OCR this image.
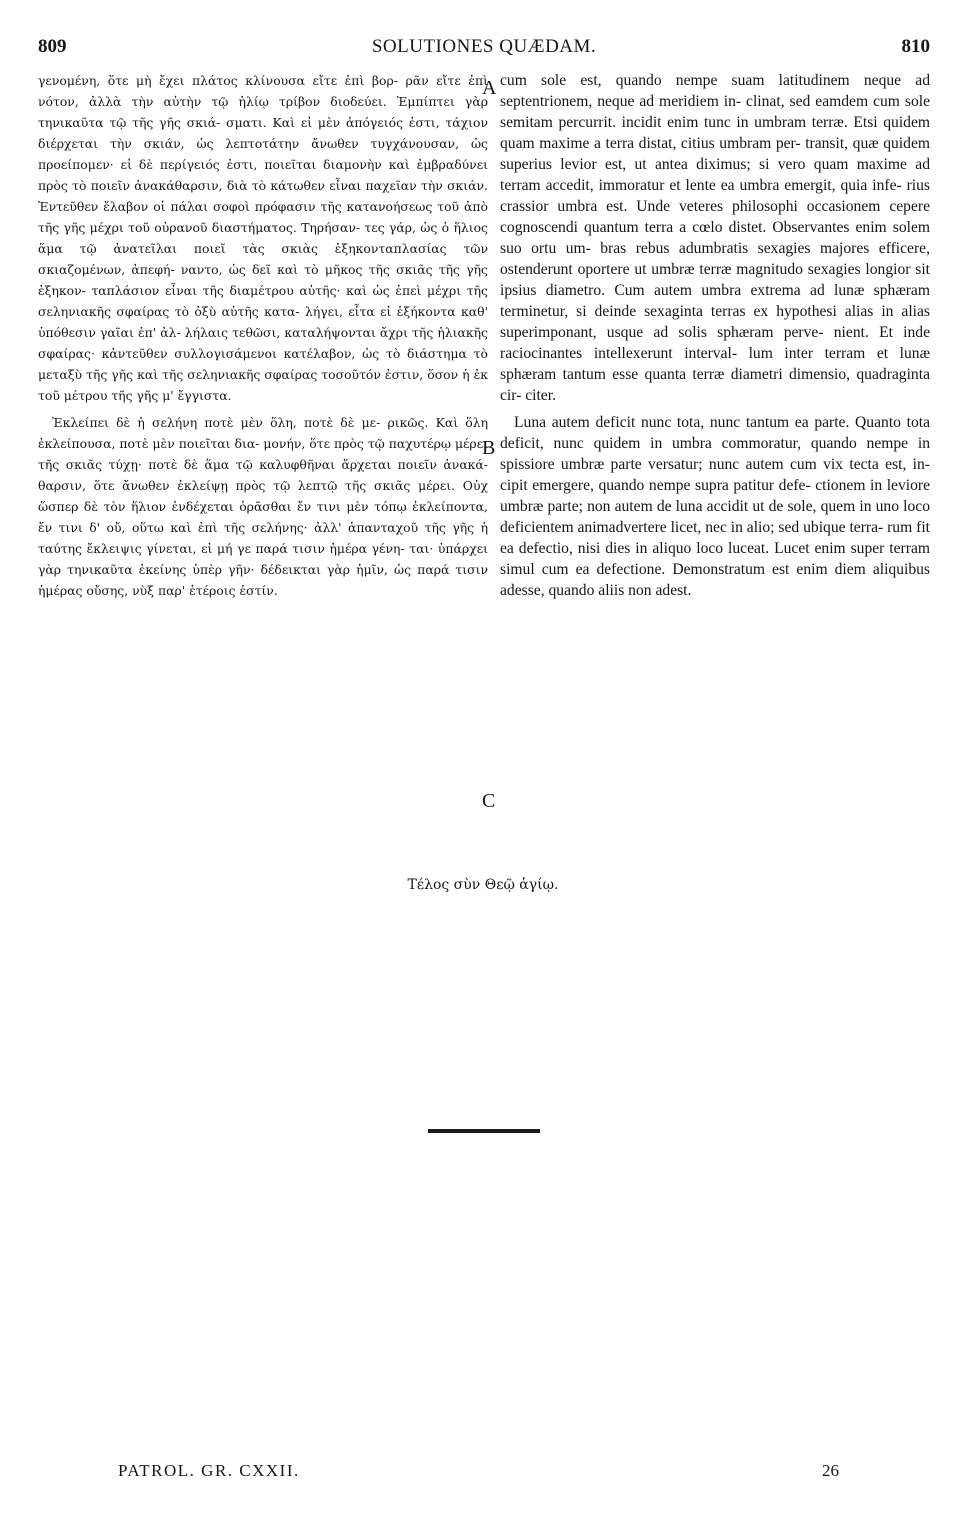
809	SOLUTIONES QUÆDAM.	810

γενομένη, ὅτε μὴ ἔχει πλάτος κλίνουσα εἴτε ἐπὶ βορ- ρᾶν εἴτε ἐπὶ νότον, ἀλλὰ τὴν αὐτὴν τῷ ἡλίῳ τρίβον διοδεύει. Ἐμπίπτει γὰρ τηνικαῦτα τῷ τῆς γῆς σκιά- σματι. Καὶ εἰ μὲν ἀπόγειός ἐστι, τάχιον διέρχεται τὴν σκιάν, ὡς λεπτοτάτην ἄνωθεν τυγχάνουσαν, ὡς προείπομεν· εἰ δὲ περίγειός ἐστι, ποιεῖται διαμονὴν καὶ ἐμβραδύνει πρὸς τὸ ποιεῖν ἀνακάθαρσιν, διὰ τὸ κάτωθεν εἶναι παχεῖαν τὴν σκιάν. Ἐντεῦθεν ἔλαβον οἱ πάλαι σοφοὶ πρόφασιν τῆς κατανοήσεως τοῦ ἀπὸ τῆς γῆς μέχρι τοῦ οὐρανοῦ διαστήματος. Τηρήσαν- τες γάρ, ὡς ὁ ἥλιος ἅμα τῷ ἀνατεῖλαι ποιεῖ τὰς σκιὰς ἑξηκονταπλασίας τῶν σκιαζομένων, ἀπεφή- ναντο, ὡς δεῖ καὶ τὸ μῆκος τῆς σκιᾶς τῆς γῆς ἑξηκον- ταπλάσιον εἶναι τῆς διαμέτρου αὐτῆς· καὶ ὡς ἐπεὶ μέχρι τῆς σεληνιακῆς σφαίρας τὸ ὀξὺ αὐτῆς κατα- λήγει, εἶτα εἰ ἑξήκοντα καθ' ὑπόθεσιν γαῖαι ἐπ' ἀλ- λήλαις τεθῶσι, καταλήψονται ἄχρι τῆς ἡλιακῆς σφαίρας· κἀντεῦθεν συλλογισάμενοι κατέλαβον, ὡς τὸ διάστημα τὸ μεταξὺ τῆς γῆς καὶ τῆς σεληνιακῆς σφαίρας τοσοῦτόν ἐστιν, ὅσον ἡ ἐκ τοῦ μέτρου τῆς γῆς μ' ἔγγιστα.

Ἐκλείπει δὲ ἡ σελήνη ποτὲ μὲν ὅλη, ποτὲ δὲ με- ρικῶς. Καὶ ὅλη ἐκλείπουσα, ποτὲ μὲν ποιεῖται δια- μονήν, ὅτε πρὸς τῷ παχυτέρῳ μέρει τῆς σκιᾶς τύχῃ· ποτὲ δὲ ἅμα τῷ καλυφθῆναι ἄρχεται ποιεῖν ἀνακά- θαρσιν, ὅτε ἄνωθεν ἐκλείψῃ πρὸς τῷ λεπτῷ τῆς σκιᾶς μέρει. Οὐχ ὥσπερ δὲ τὸν ἥλιον ἐνδέχεται ὁρᾶσθαι ἔν τινι μὲν τόπῳ ἐκλείποντα, ἔν τινι δ' οὔ, οὕτω καὶ ἐπὶ τῆς σελήνης· ἀλλ' ἁπανταχοῦ τῆς γῆς ἡ ταύτης ἔκλειψις γίνεται, εἰ μή γε παρά τισιν ἡμέρα γένη- ται· ὑπάρχει γὰρ τηνικαῦτα ἐκείνης ὑπὲρ γῆν· δέδεικται γὰρ ἡμῖν, ὡς παρά τισιν ἡμέρας οὔσης, νὺξ παρ' ἑτέροις ἐστίν.

cum sole est, quando nempe suam latitudinem neque ad septentrionem, neque ad meridiem in- clinat, sed eamdem cum sole semitam percurrit. incidit enim tunc in umbram terræ. Etsi quidem quam maxime a terra distat, citius umbram per- transit, quæ quidem superius levior est, ut antea diximus; si vero quam maxime ad terram accedit, immoratur et lente ea umbra emergit, quia infe- rius crassior umbra est. Unde veteres philosophi occasionem cepere cognoscendi quantum terra a cœlo distet. Observantes enim solem suo ortu um- bras rebus adumbratis sexagies majores efficere, ostenderunt oportere ut umbræ terræ magnitudo sexagies longior sit ipsius diametro. Cum autem umbra extrema ad lunæ sphæram terminetur, si deinde sexaginta terras ex hypothesi alias in alias superimponant, usque ad solis sphæram perve- nient. Et inde raciocinantes intellexerunt interval- lum inter terram et lunæ sphæram tantum esse quanta terræ diametri dimensio, quadraginta cir- citer.

Luna autem deficit nunc tota, nunc tantum ea parte. Quanto tota deficit, nunc quidem in umbra commoratur, quando nempe in spissiore umbræ parte versatur; nunc autem cum vix tecta est, in- cipit emergere, quando nempe supra patitur defe- ctionem in leviore umbræ parte; non autem de luna accidit ut de sole, quem in uno loco deficientem animadvertere licet, nec in alio; sed ubique terra- rum fit ea defectio, nisi dies in aliquo loco luceat. Lucet enim super terram simul cum ea defectione. Demonstratum est enim diem aliquibus adesse, quando aliis non adest.

A
B
C
Τέλος σὺν Θεῷ ἁγίῳ.
PATROL. GR. CXXII.	26
